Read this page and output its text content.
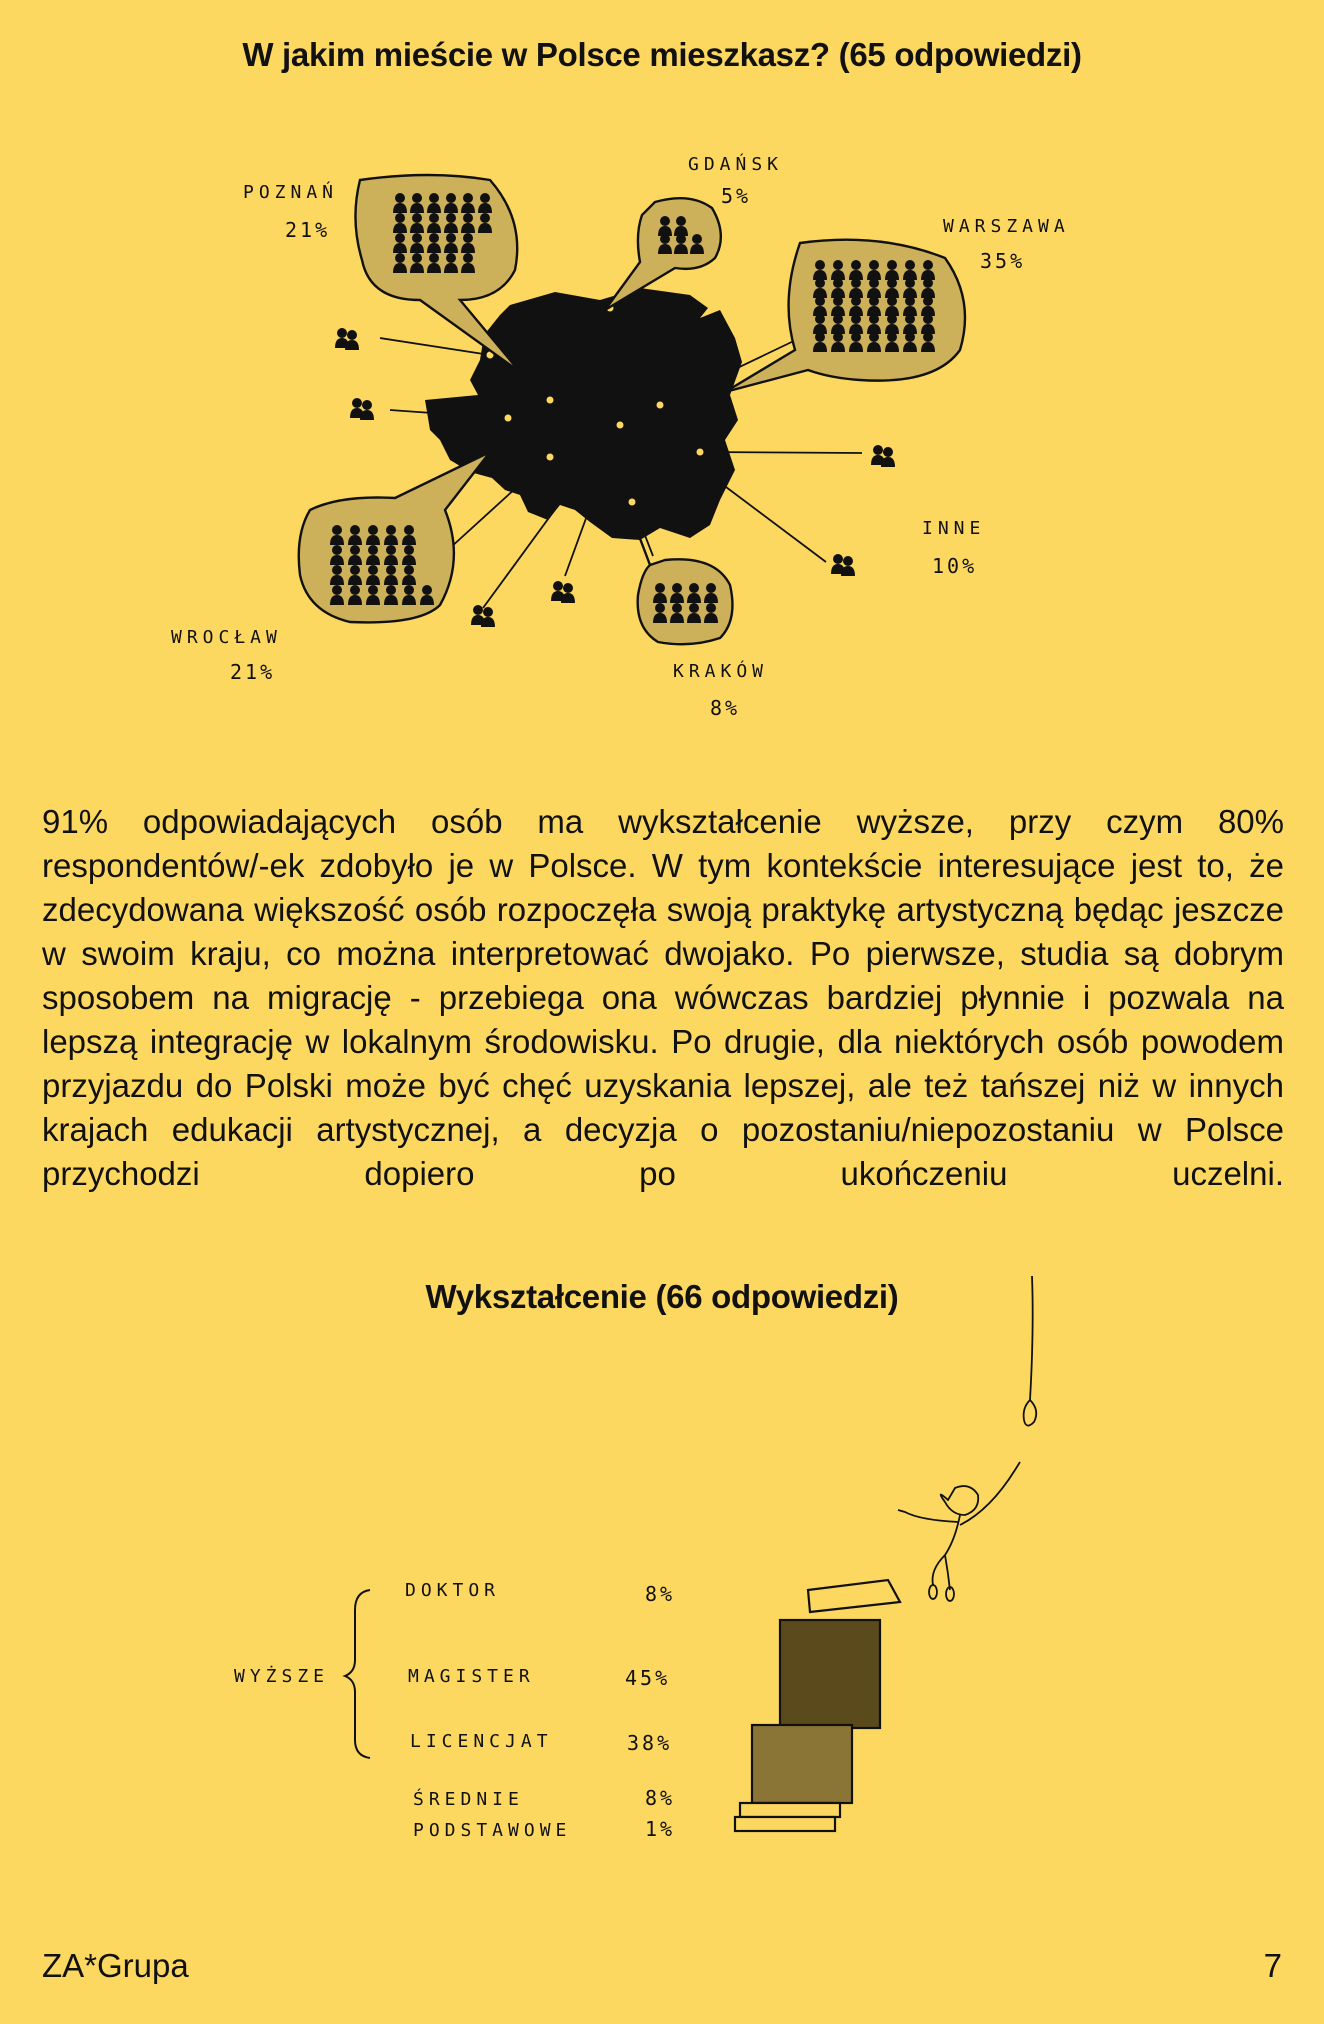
W jakim mieście w Polsce mieszkasz? (65 odpowiedzi)
POZNAŃ
21%
GDAŃSK
5%
WARSZAWA
35%
INNE
10%
WROCŁAW
21%	KRAKÓW
8%

91% odpowiadających osób ma wykształcenie wyższe, przy czym 80% respondentów/-ek zdobyło je w Polsce. W tym kontekście interesujące jest to, że zdecydowana większość osób rozpoczęła swoją praktykę artystyczną będąc jeszcze w swoim kraju, co można interpretować dwojako. Po pierwsze, studia są dobrym sposobem na migrację - przebiega ona wówczas bardziej płynnie i pozwala na lepszą integrację w lokalnym środowisku. Po drugie, dla niektórych osób powodem przyjazdu do Polski może być chęć uzyskania lepszej, ale też tańszej niż w innych krajach edukacji artystycznej, a decyzja o pozostaniu/niepozostaniu w Polsce przychodzi dopiero po ukończeniu uczelni.

Wykształcenie (66 odpowiedzi)
WYŻSZE
DOKTOR	8%
MAGISTER	45%
LICENCJAT	38%
ŚREDNIE	8%
PODSTAWOWE	1%
ZA*Grupa	7
